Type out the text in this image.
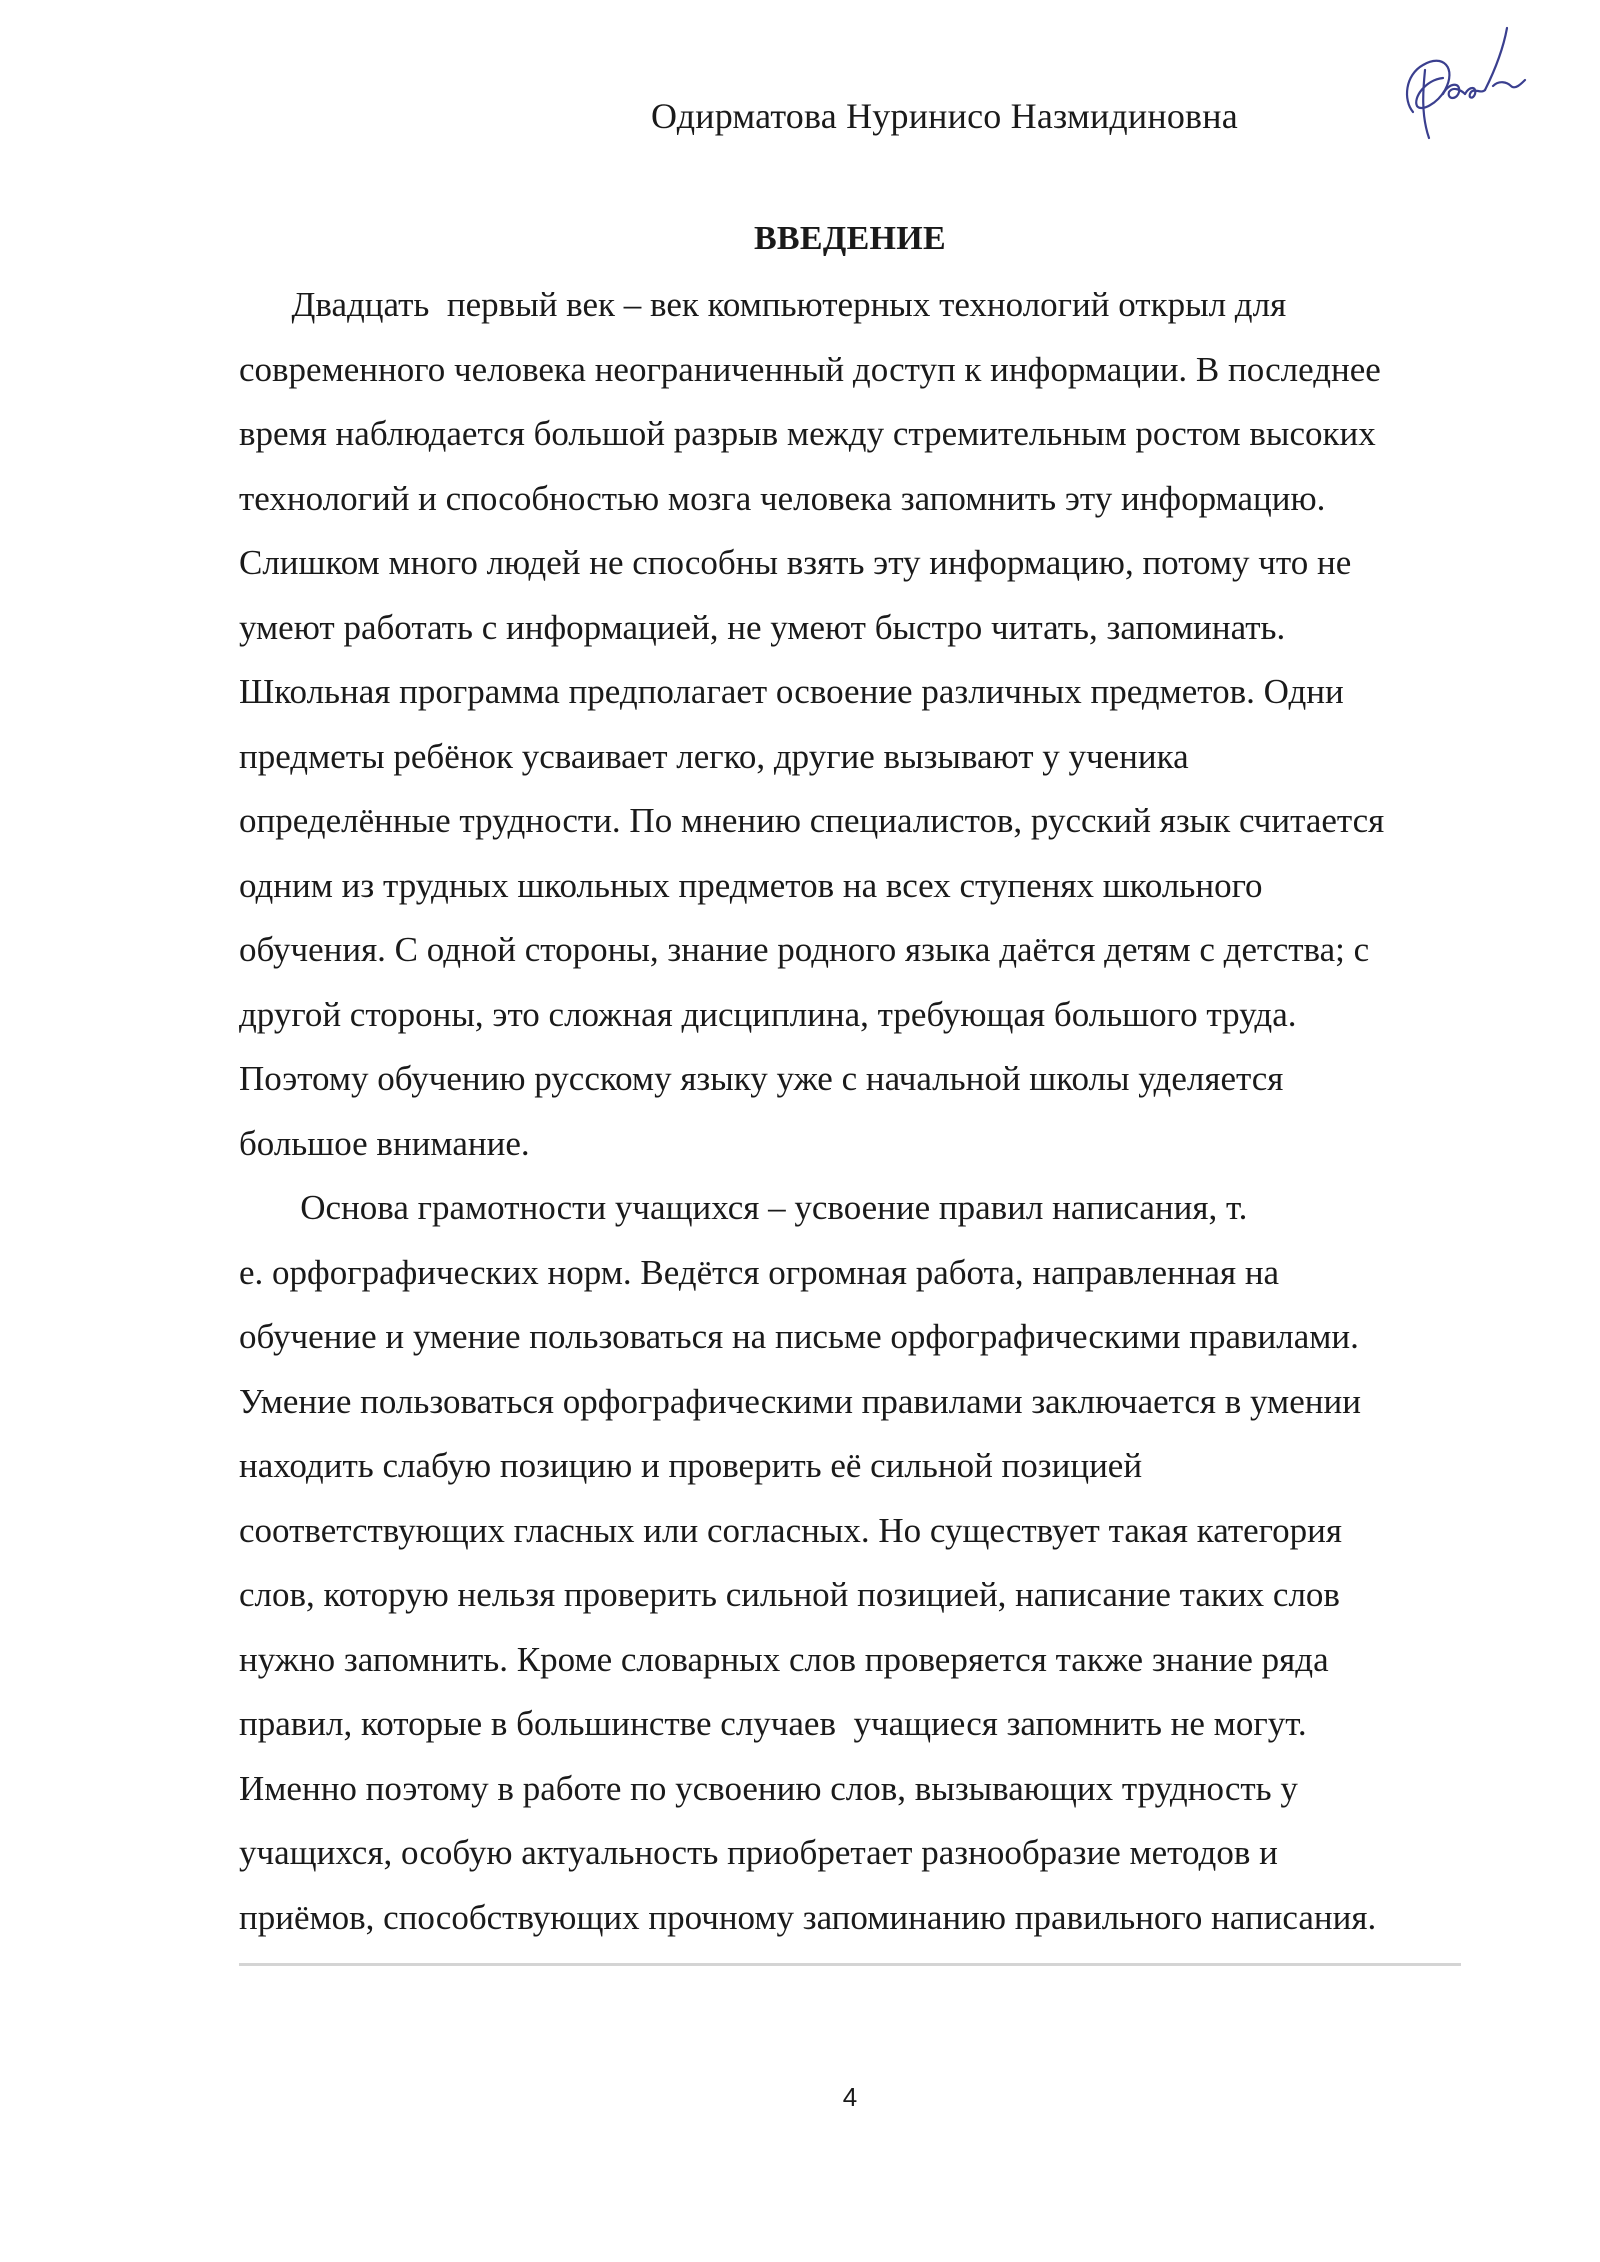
Одирматова Нуринисо Назмидиновна
ВВЕДЕНИЕ
Двадцать  первый век – век компьютерных технологий открыл для
современного человека неограниченный доступ к информации. В последнее
время наблюдается большой разрыв между стремительным ростом высоких
технологий и способностью мозга человека запомнить эту информацию.
Слишком много людей не способны взять эту информацию, потому что не
умеют работать с информацией, не умеют быстро читать, запоминать.
Школьная программа предполагает освоение различных предметов. Одни
предметы ребёнок усваивает легко, другие вызывают у ученика
определённые трудности. По мнению специалистов, русский язык считается
одним из трудных школьных предметов на всех ступенях школьного
обучения. С одной стороны, знание родного языка даётся детям с детства; с
другой стороны, это сложная дисциплина, требующая большого труда.
Поэтому обучению русскому языку уже с начальной школы уделяется
большое внимание.
Основа грамотности учащихся – усвоение правил написания, т.
е. орфографических норм. Ведётся огромная работа, направленная на
обучение и умение пользоваться на письме орфографическими правилами.
Умение пользоваться орфографическими правилами заключается в умении
находить слабую позицию и проверить её сильной позицией
соответствующих гласных или согласных. Но существует такая категория
слов, которую нельзя проверить сильной позицией, написание таких слов
нужно запомнить. Кроме словарных слов проверяется также знание ряда
правил, которые в большинстве случаев  учащиеся запомнить не могут.
Именно поэтому в работе по усвоению слов, вызывающих трудность у
учащихся, особую актуальность приобретает разнообразие методов и
приёмов, способствующих прочному запоминанию правильного написания.
4
